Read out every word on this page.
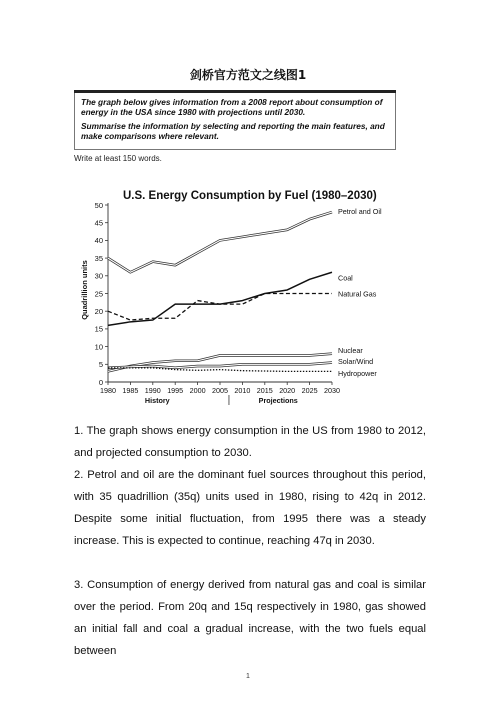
剑桥官方范文之线图1
The graph below gives information from a 2008 report about consumption of energy in the USA since 1980 with projections until 2030.
Summarise the information by selecting and reporting the main features, and make comparisons where relevant.
Write at least 150 words.
U.S. Energy Consumption by Fuel (1980–2030)
Quadrillion units
0
5
10
15
20
25
30
35
40
45
50
1980 1985 1990 1995 2000 2005 2010 2015 2020 2025 2030
History	Projections
Petrol and Oil
Coal
Natural Gas
Nuclear
Solar/Wind
Hydropower

1. The graph shows energy consumption in the US from 1980 to 2012, and projected consumption to 2030.

2. Petrol and oil are the dominant fuel sources throughout this period, with 35 quadrillion (35q) units used in 1980, rising to 42q in 2012. Despite some initial fluctuation, from 1995 there was a steady increase. This is expected to continue, reaching 47q in 2030.

3. Consumption of energy derived from natural gas and coal is similar over the period. From 20q and 15q respectively in 1980, gas showed an initial fall and coal a gradual increase, with the two fuels equal between

1
